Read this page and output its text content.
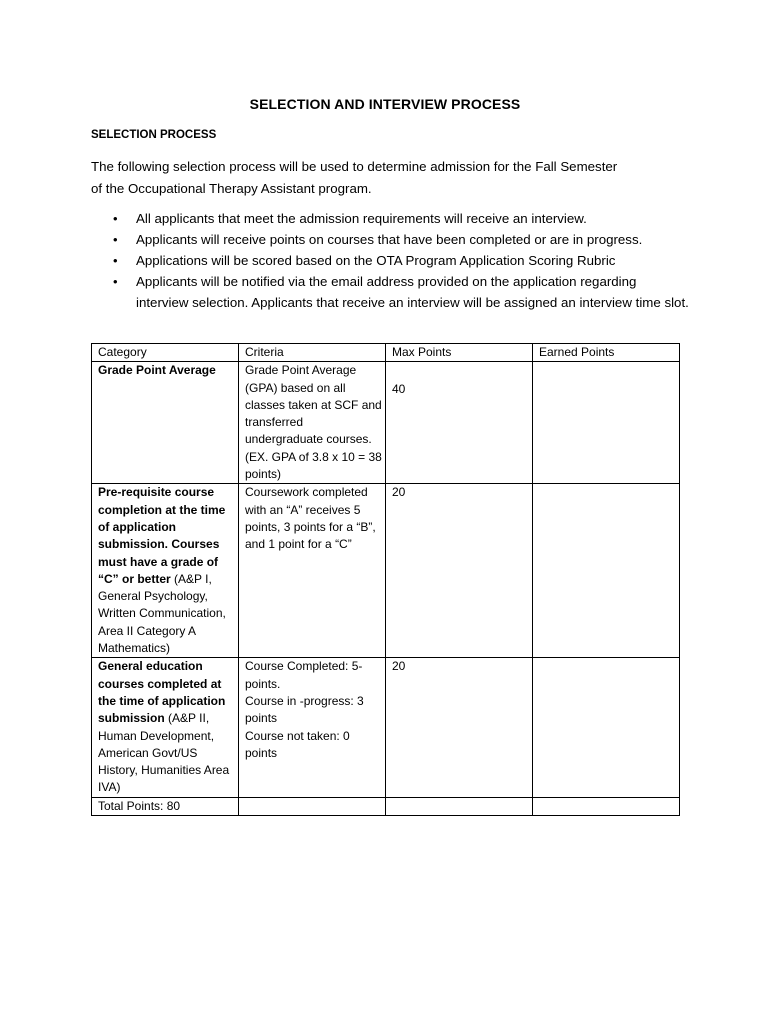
SELECTION AND INTERVIEW PROCESS
SELECTION PROCESS
The following selection process will be used to determine admission for the Fall Semester
of the Occupational Therapy Assistant program.
• All applicants that meet the admission requirements will receive an interview.
• Applicants will receive points on courses that have been completed or are in progress.
• Applications will be scored based on the OTA Program Application Scoring Rubric
• Applicants will be notified via the email address provided on the application regarding interview selection. Applicants that receive an interview will be assigned an interview time slot.
Category	Criteria	Max Points	Earned Points
Grade Point Average	Grade Point Average (GPA) based on all classes taken at SCF and transferred undergraduate courses. (EX. GPA of 3.8 x 10 = 38 points)	40	
Pre-requisite course completion at the time of application submission. Courses must have a grade of “C” or better (A&P I, General Psychology, Written Communication, Area II Category A Mathematics)	Coursework completed with an “A” receives 5 points, 3 points for a “B”, and 1 point for a “C”	20	
General education courses completed at the time of application submission (A&P II, Human Development, American Govt/US History, Humanities Area IVA)	Course Completed: 5-points.
Course in -progress: 3 points
Course not taken: 0 points	20	
Total Points: 80			
